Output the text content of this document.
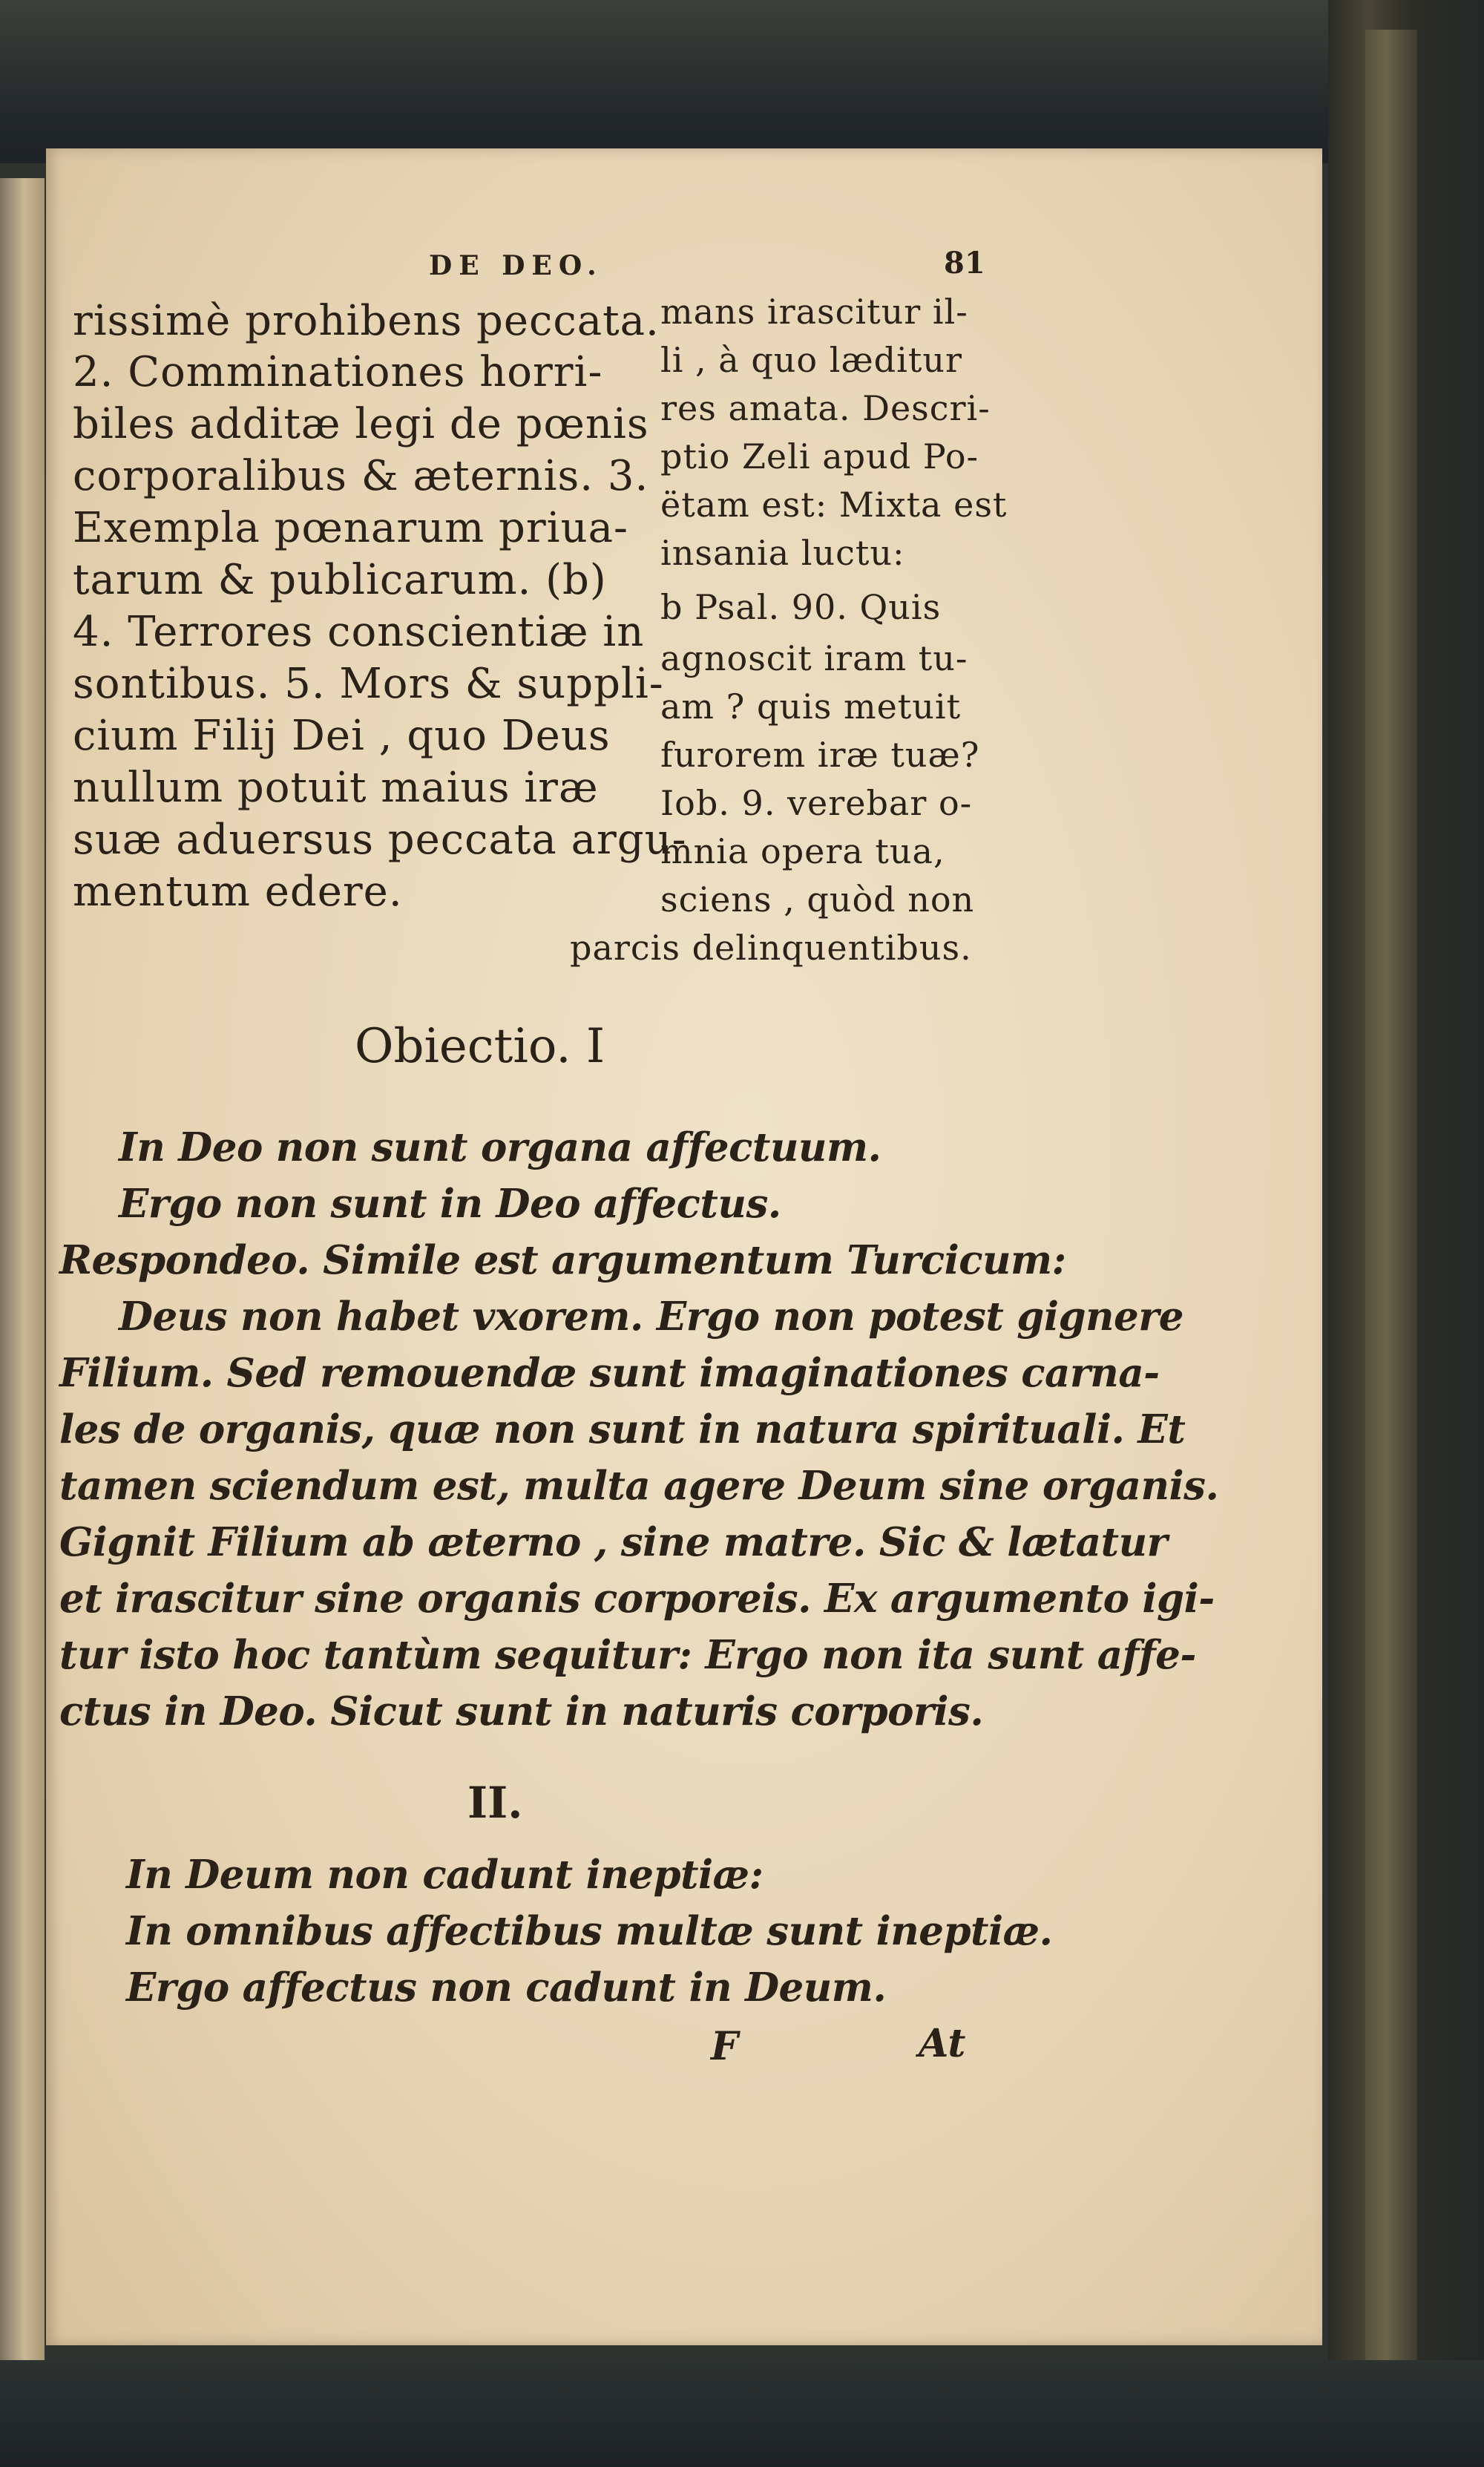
DE DEO.	81
rissimè prohibens peccata.
2. Comminationes horri-
biles additæ legi de pœnis
corporalibus & æternis. 3.
Exempla pœnarum priua-
tarum & publicarum. (b)
4. Terrores conscientiæ in
sontibus. 5. Mors & suppli-
cium Filij Dei , quo Deus
nullum potuit maius iræ
suæ aduersus peccata argu-
mentum edere.
mans irascitur il-
li , à quo læditur
res amata. Descri-
ptio Zeli apud Po-
ëtam est: Mixta est
insania luctu:
b Psal. 90. Quis
agnoscit iram tu-
am ? quis metuit
furorem iræ tuæ?
Iob. 9. verebar o-
mnia opera tua,
sciens , quòd non
parcis delinquentibus.
Obiectio. I
In Deo non sunt organa affectuum.
Ergo non sunt in Deo affectus.
Respondeo. Simile est argumentum Turcicum:
Deus non habet vxorem. Ergo non potest gignere
Filium. Sed remouendæ sunt imaginationes carna-
les de organis, quæ non sunt in natura spirituali. Et
tamen sciendum est, multa agere Deum sine organis.
Gignit Filium ab æterno , sine matre. Sic & lætatur
et irascitur sine organis corporeis. Ex argumento igi-
tur isto hoc tantùm sequitur: Ergo non ita sunt affe-
ctus in Deo. Sicut sunt in naturis corporis.
II.
In Deum non cadunt ineptiæ:
In omnibus affectibus multæ sunt ineptiæ.
Ergo affectus non cadunt in Deum.
F	At
